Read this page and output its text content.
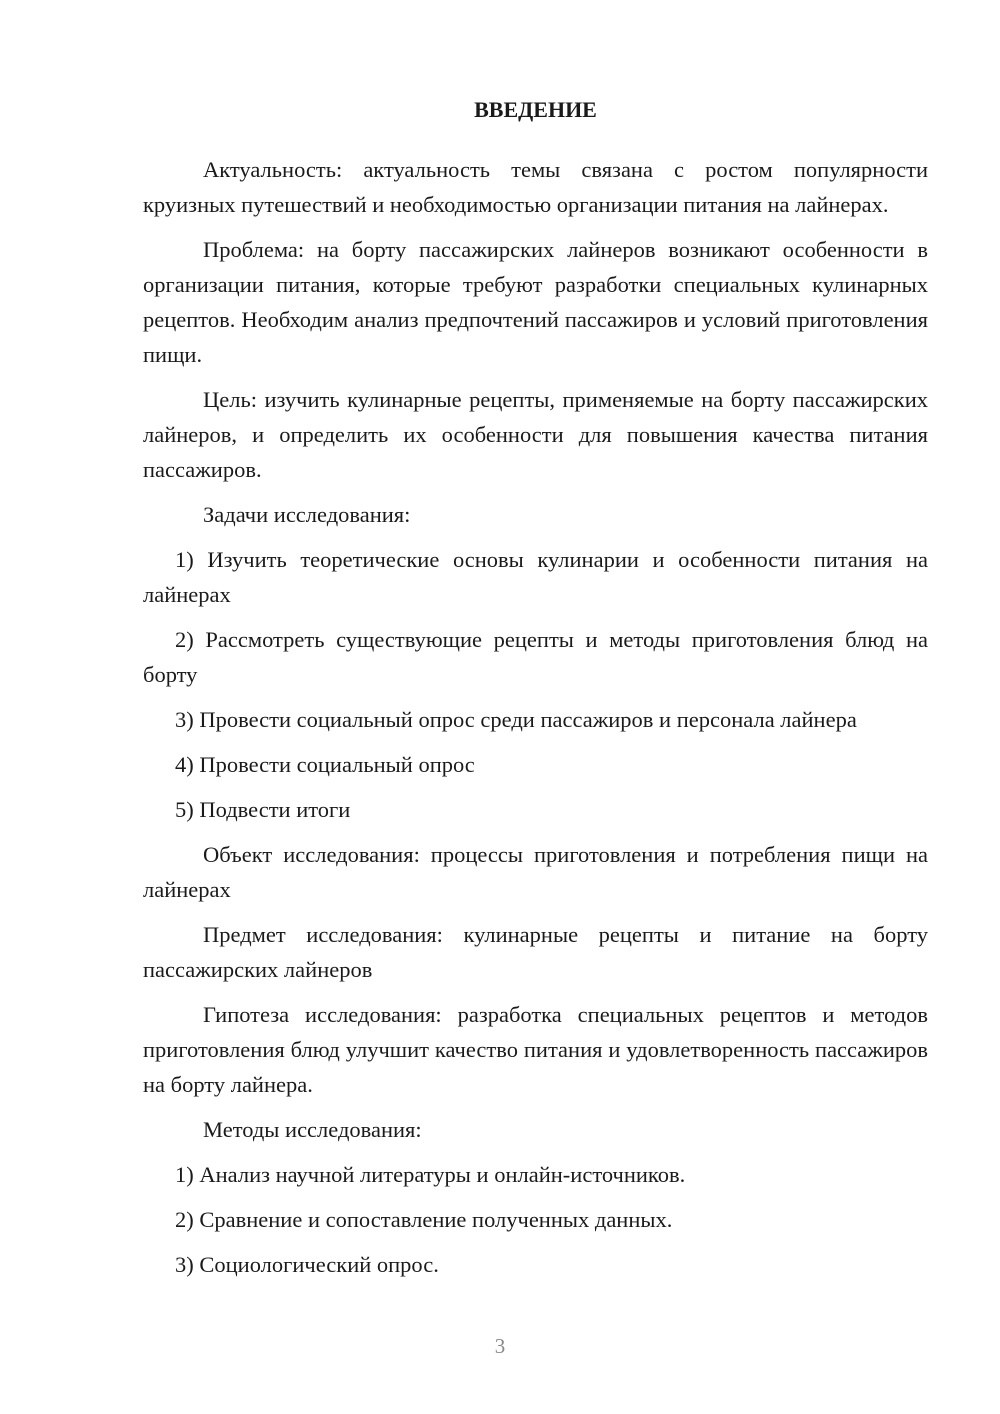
ВВЕДЕНИЕ

Актуальность: актуальность темы связана с ростом популярности круизных путешествий и необходимостью организации питания на лайнерах.

Проблема: на борту пассажирских лайнеров возникают особенности в организации питания, которые требуют разработки специальных кулинарных рецептов. Необходим анализ предпочтений пассажиров и условий приготовления пищи.

Цель: изучить кулинарные рецепты, применяемые на борту пассажирских лайнеров, и определить их особенности для повышения качества питания пассажиров.

Задачи исследования:

1) Изучить теоретические основы кулинарии и особенности питания на лайнерах

2) Рассмотреть существующие рецепты и методы приготовления блюд на борту

3) Провести социальный опрос среди пассажиров и персонала лайнера

4) Провести социальный опрос

5) Подвести итоги

Объект исследования: процессы приготовления и потребления пищи на лайнерах

Предмет исследования: кулинарные рецепты и питание на борту пассажирских лайнеров

Гипотеза исследования: разработка специальных рецептов и методов приготовления блюд улучшит качество питания и удовлетворенность пассажиров на борту лайнера.

Методы исследования:

1) Анализ научной литературы и онлайн-источников.

2) Сравнение и сопоставление полученных данных.

3) Социологический опрос.

3
